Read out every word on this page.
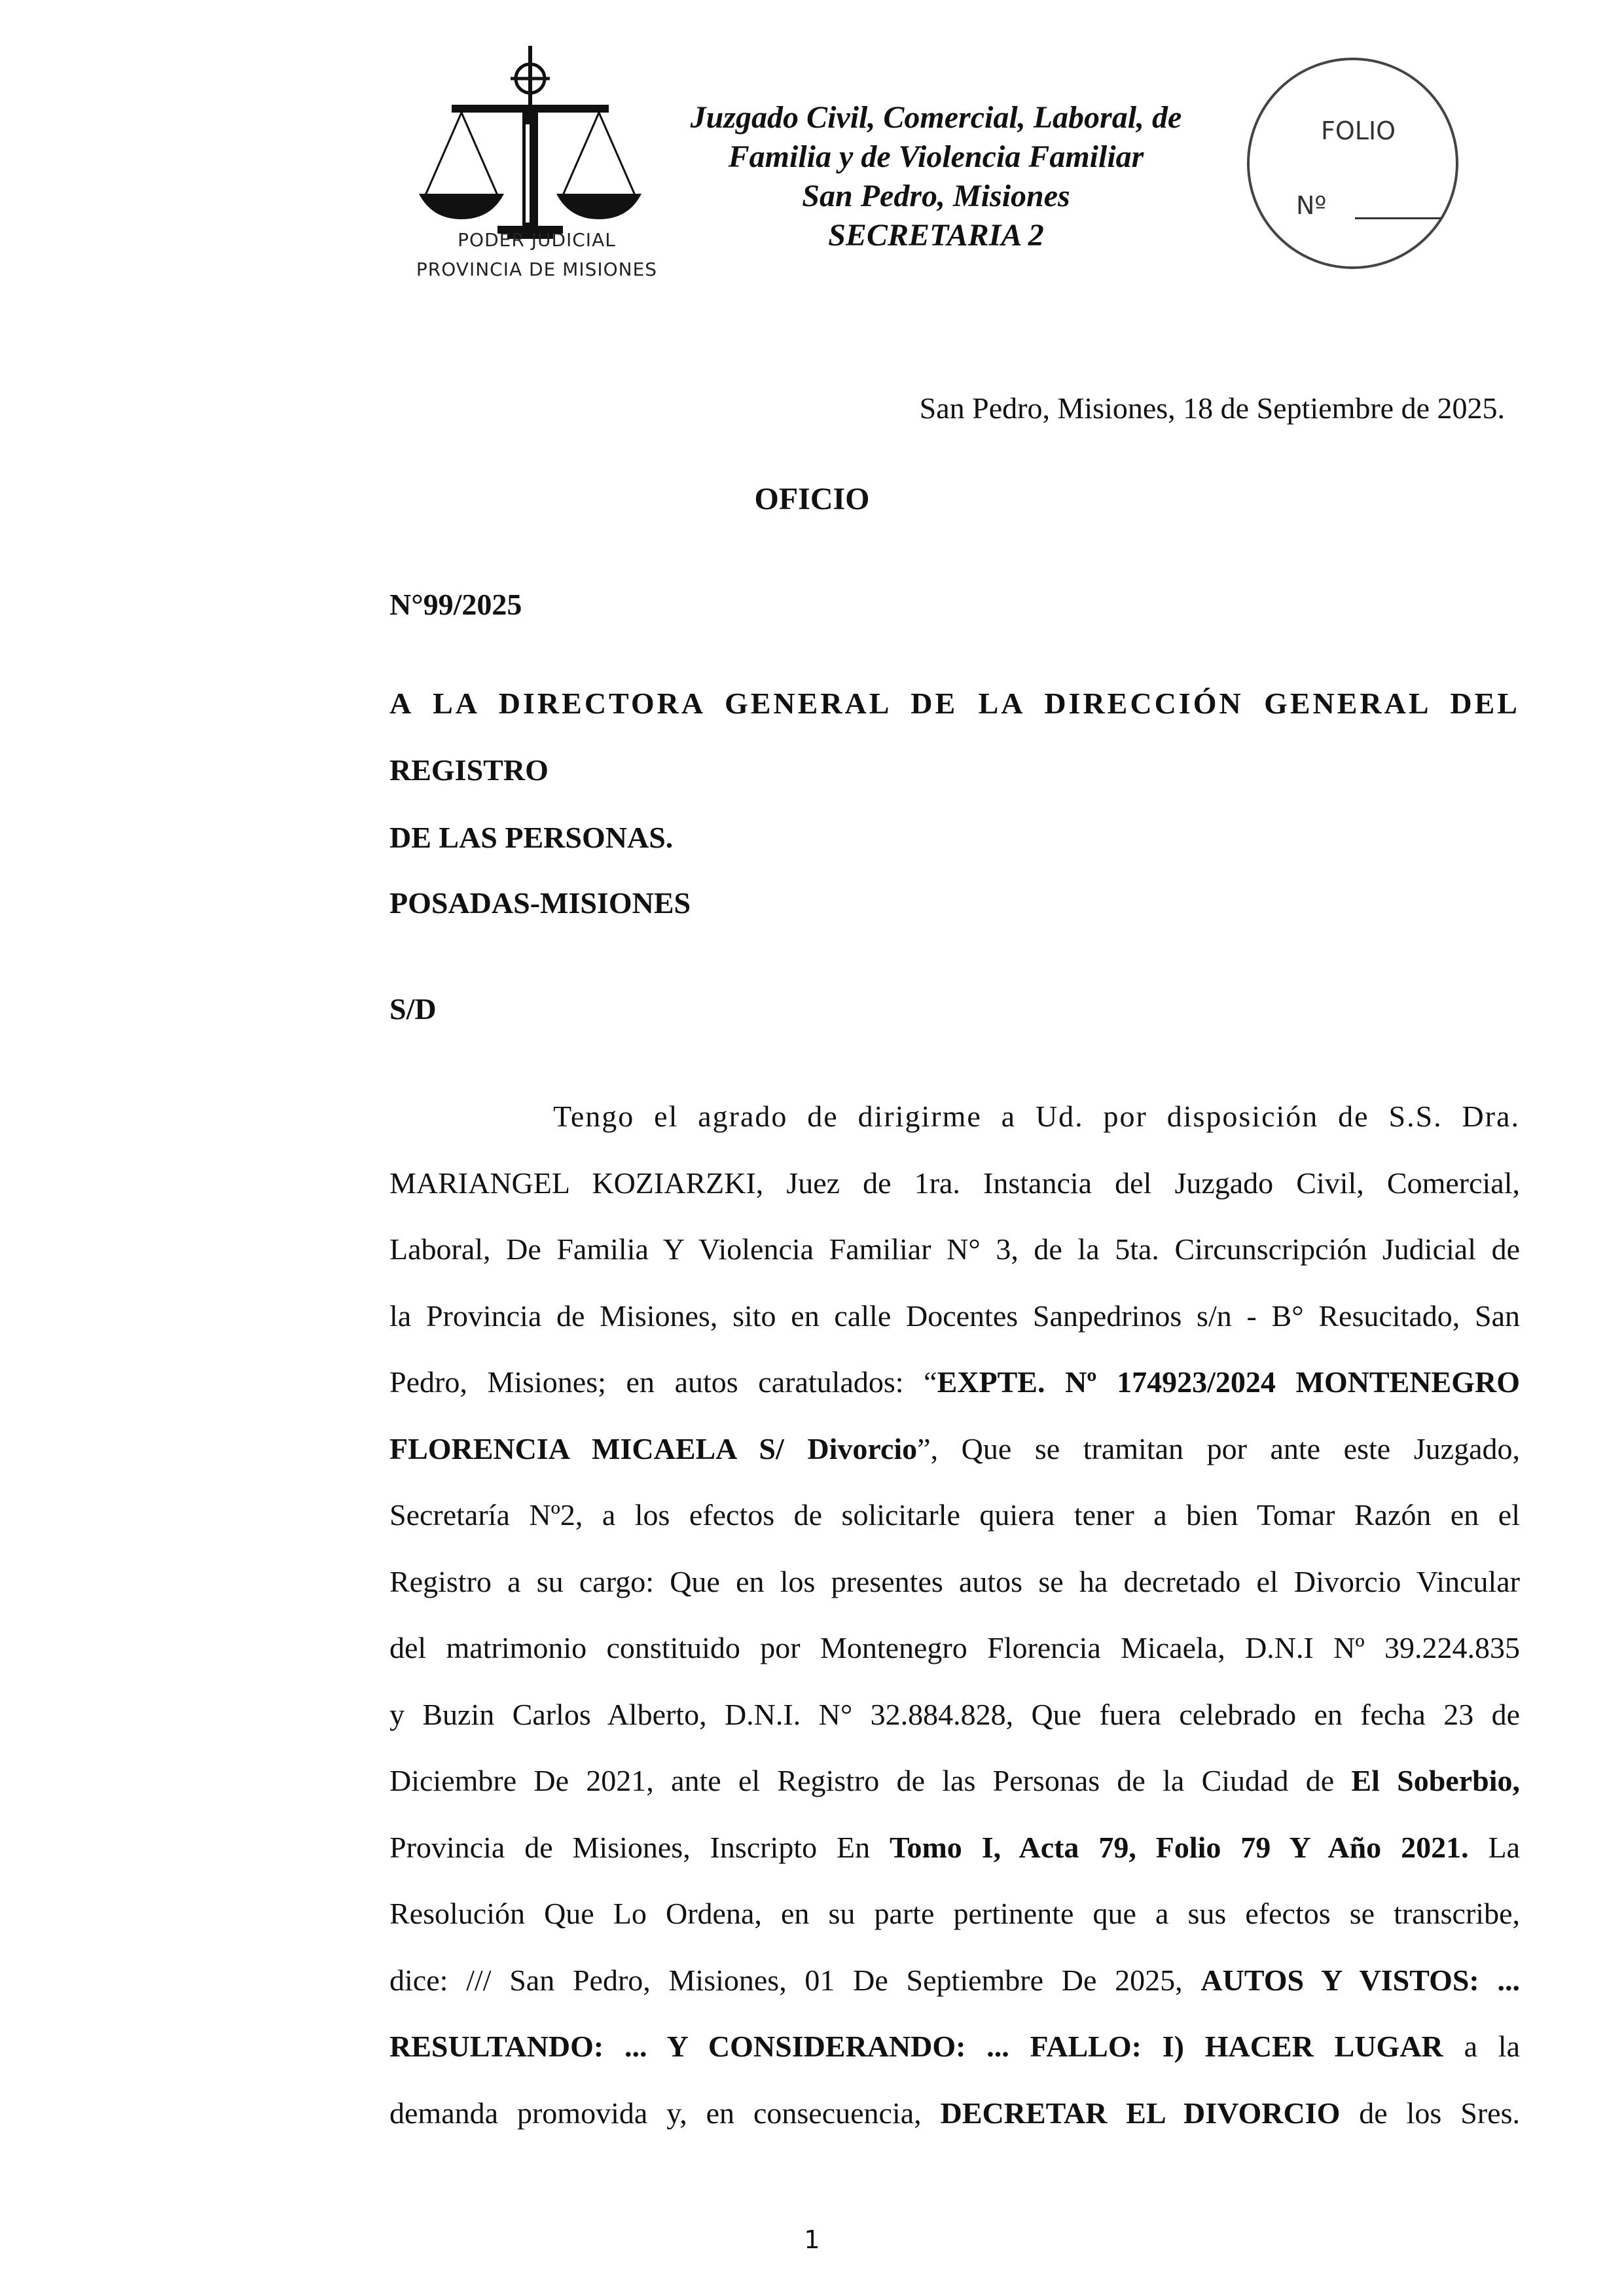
PODER JUDICIAL
PROVINCIA DE MISIONES
Juzgado Civil, Comercial, Laboral, de
Familia y de Violencia Familiar
San Pedro, Misiones
SECRETARIA 2
FOLIO
Nº
San Pedro, Misiones, 18 de Septiembre de 2025.
OFICIO
N°99/2025
A LA DIRECTORA GENERAL DE LA DIRECCIÓN GENERAL DEL
REGISTRO
DE LAS PERSONAS.
POSADAS-MISIONES
S/D
Tengo el agrado de dirigirme a Ud. por disposición de S.S. Dra.
MARIANGEL KOZIARZKI, Juez de 1ra. Instancia del Juzgado Civil, Comercial,
Laboral, De Familia Y Violencia Familiar N° 3, de la 5ta. Circunscripción Judicial de
la Provincia de Misiones, sito en calle Docentes Sanpedrinos s/n - B° Resucitado, San
Pedro, Misiones; en autos caratulados: “EXPTE. Nº 174923/2024 MONTENEGRO
FLORENCIA MICAELA S/ Divorcio”, Que se tramitan por ante este Juzgado,
Secretaría Nº2, a los efectos de solicitarle quiera tener a bien Tomar Razón en el
Registro a su cargo: Que en los presentes autos se ha decretado el Divorcio Vincular
del matrimonio constituido por Montenegro Florencia Micaela, D.N.I Nº 39.224.835
y Buzin Carlos Alberto, D.N.I. N° 32.884.828, Que fuera celebrado en fecha 23 de
Diciembre De 2021, ante el Registro de las Personas de la Ciudad de El Soberbio,
Provincia de Misiones, Inscripto En Tomo I, Acta 79, Folio 79 Y Año 2021. La
Resolución Que Lo Ordena, en su parte pertinente que a sus efectos se transcribe,
dice: /// San Pedro, Misiones, 01 De Septiembre De 2025, AUTOS Y VISTOS: ...
RESULTANDO: ... Y CONSIDERANDO: ... FALLO: I) HACER LUGAR a la
demanda promovida y, en consecuencia, DECRETAR EL DIVORCIO de los Sres.
1
